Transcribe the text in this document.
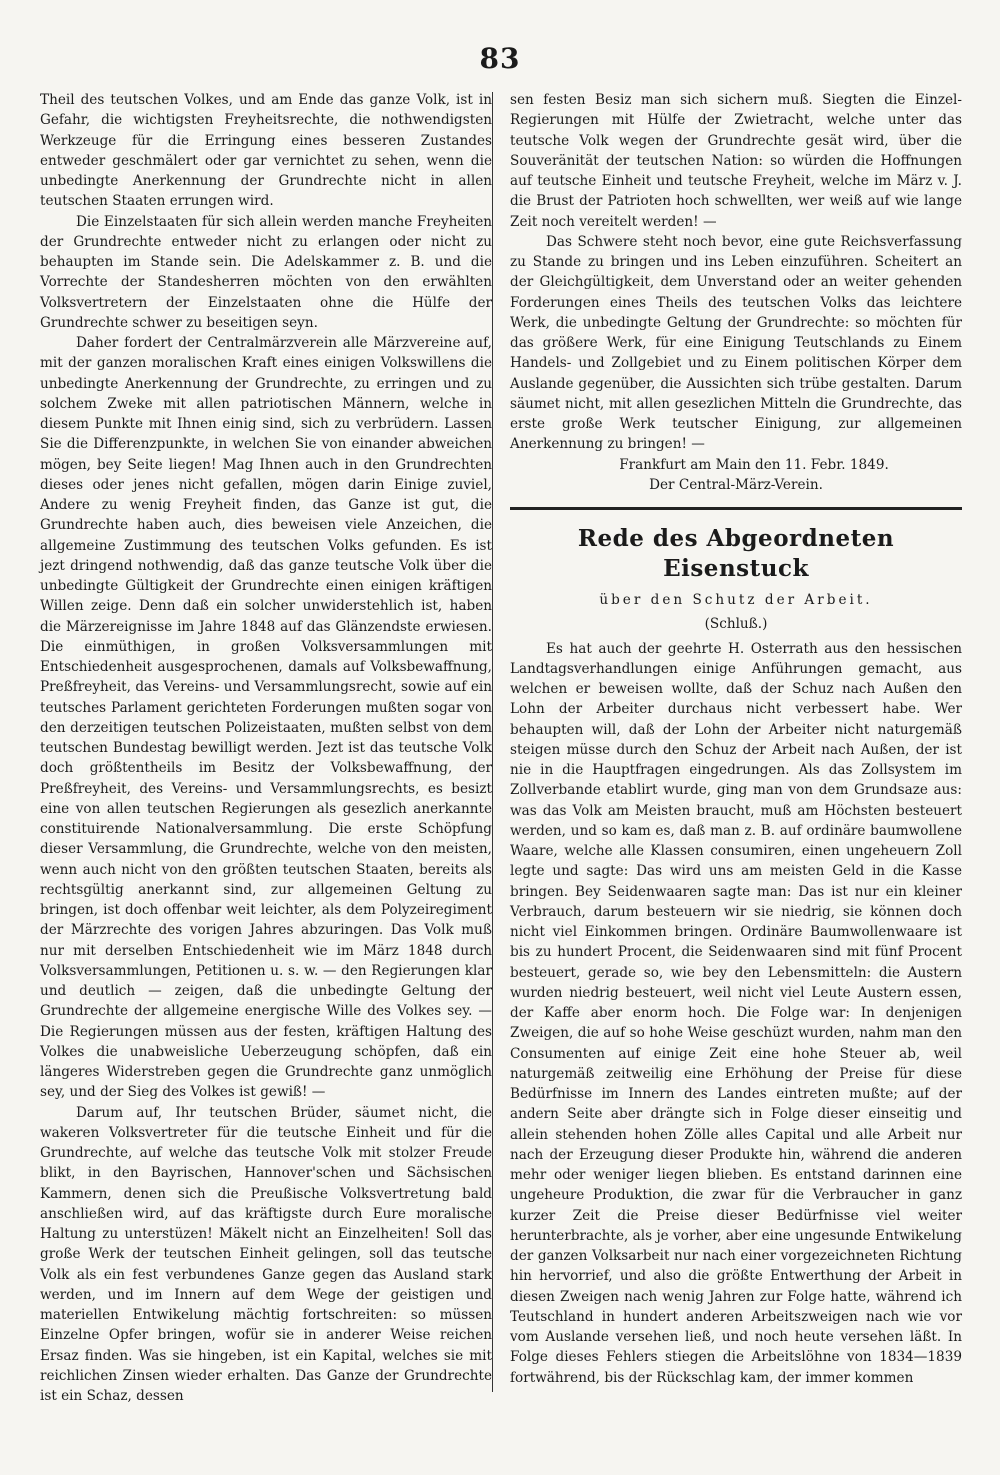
83

Theil des teutschen Volkes, und am Ende das ganze Volk, ist in Gefahr, die wichtigsten Freyheitsrechte, die nothwendigsten Werkzeuge für die Erringung eines besseren Zustandes entweder geschmälert oder gar vernichtet zu sehen, wenn die unbedingte Anerkennung der Grundrechte nicht in allen teutschen Staaten errungen wird.

Die Einzelstaaten für sich allein werden manche Freyheiten der Grundrechte entweder nicht zu erlangen oder nicht zu behaupten im Stande sein. Die Adelskammer z. B. und die Vorrechte der Standesherren möchten von den erwählten Volksvertretern der Einzelstaaten ohne die Hülfe der Grundrechte schwer zu beseitigen seyn.

Daher fordert der Centralmärzverein alle Märzvereine auf, mit der ganzen moralischen Kraft eines einigen Volkswillens die unbedingte Anerkennung der Grundrechte, zu erringen und zu solchem Zweke mit allen patriotischen Männern, welche in diesem Punkte mit Ihnen einig sind, sich zu verbrüdern. Lassen Sie die Differenzpunkte, in welchen Sie von einander abweichen mögen, bey Seite liegen! Mag Ihnen auch in den Grundrechten dieses oder jenes nicht gefallen, mögen darin Einige zuviel, Andere zu wenig Freyheit finden, das Ganze ist gut, die Grundrechte haben auch, dies beweisen viele Anzeichen, die allgemeine Zustimmung des teutschen Volks gefunden. Es ist jezt dringend nothwendig, daß das ganze teutsche Volk über die unbedingte Gültigkeit der Grundrechte einen einigen kräftigen Willen zeige. Denn daß ein solcher unwiderstehlich ist, haben die Märzereignisse im Jahre 1848 auf das Glänzendste erwiesen. Die einmüthigen, in großen Volksversammlungen mit Entschiedenheit ausgesprochenen, damals auf Volksbewaffnung, Preßfreyheit, das Vereins- und Versammlungsrecht, sowie auf ein teutsches Parlament gerichteten Forderungen mußten sogar von den derzeitigen teutschen Polizeistaaten, mußten selbst von dem teutschen Bundestag bewilligt werden. Jezt ist das teutsche Volk doch größtentheils im Besitz der Volksbewaffnung, der Preßfreyheit, des Vereins- und Versammlungsrechts, es besizt eine von allen teutschen Regierungen als gesezlich anerkannte constituirende Nationalversammlung. Die erste Schöpfung dieser Versammlung, die Grundrechte, welche von den meisten, wenn auch nicht von den größten teutschen Staaten, bereits als rechtsgültig anerkannt sind, zur allgemeinen Geltung zu bringen, ist doch offenbar weit leichter, als dem Polyzeiregiment der Märzrechte des vorigen Jahres abzuringen. Das Volk muß nur mit derselben Entschiedenheit wie im März 1848 durch Volksversammlungen, Petitionen u. s. w. — den Regierungen klar und deutlich — zeigen, daß die unbedingte Geltung der Grundrechte der allgemeine energische Wille des Volkes sey. — Die Regierungen müssen aus der festen, kräftigen Haltung des Volkes die unabweisliche Ueberzeugung schöpfen, daß ein längeres Widerstreben gegen die Grundrechte ganz unmöglich sey, und der Sieg des Volkes ist gewiß! —

Darum auf, Ihr teutschen Brüder, säumet nicht, die wakeren Volksvertreter für die teutsche Einheit und für die Grundrechte, auf welche das teutsche Volk mit stolzer Freude blikt, in den Bayrischen, Hannover'schen und Sächsischen Kammern, denen sich die Preußische Volksvertretung bald anschließen wird, auf das kräftigste durch Eure moralische Haltung zu unterstüzen! Mäkelt nicht an Einzelheiten! Soll das große Werk der teutschen Einheit gelingen, soll das teutsche Volk als ein fest verbundenes Ganze gegen das Ausland stark werden, und im Innern auf dem Wege der geistigen und materiellen Entwikelung mächtig fortschreiten: so müssen Einzelne Opfer bringen, wofür sie in anderer Weise reichen Ersaz finden. Was sie hingeben, ist ein Kapital, welches sie mit reichlichen Zinsen wieder erhalten. Das Ganze der Grundrechte ist ein Schaz, dessen

sen festen Besiz man sich sichern muß. Siegten die Einzel-Regierungen mit Hülfe der Zwietracht, welche unter das teutsche Volk wegen der Grundrechte gesät wird, über die Souveränität der teutschen Nation: so würden die Hoffnungen auf teutsche Einheit und teutsche Freyheit, welche im März v. J. die Brust der Patrioten hoch schwellten, wer weiß auf wie lange Zeit noch vereitelt werden! —

Das Schwere steht noch bevor, eine gute Reichsverfassung zu Stande zu bringen und ins Leben einzuführen. Scheitert an der Gleichgültigkeit, dem Unverstand oder an weiter gehenden Forderungen eines Theils des teutschen Volks das leichtere Werk, die unbedingte Geltung der Grundrechte: so möchten für das größere Werk, für eine Einigung Teutschlands zu Einem Handels- und Zollgebiet und zu Einem politischen Körper dem Auslande gegenüber, die Aussichten sich trübe gestalten. Darum säumet nicht, mit allen gesezlichen Mitteln die Grundrechte, das erste große Werk teutscher Einigung, zur allgemeinen Anerkennung zu bringen! —

Frankfurt am Main den 11. Febr. 1849.

Der Central-März-Verein.

Rede des Abgeordneten Eisenstuck
über den Schutz der Arbeit.
(Schluß.)

Es hat auch der geehrte H. Osterrath aus den hessischen Landtagsverhandlungen einige Anführungen gemacht, aus welchen er beweisen wollte, daß der Schuz nach Außen den Lohn der Arbeiter durchaus nicht verbessert habe. Wer behaupten will, daß der Lohn der Arbeiter nicht naturgemäß steigen müsse durch den Schuz der Arbeit nach Außen, der ist nie in die Hauptfragen eingedrungen. Als das Zollsystem im Zollverbande etablirt wurde, ging man von dem Grundsaze aus: was das Volk am Meisten braucht, muß am Höchsten besteuert werden, und so kam es, daß man z. B. auf ordinäre baumwollene Waare, welche alle Klassen consumiren, einen ungeheuern Zoll legte und sagte: Das wird uns am meisten Geld in die Kasse bringen. Bey Seidenwaaren sagte man: Das ist nur ein kleiner Verbrauch, darum besteuern wir sie niedrig, sie können doch nicht viel Einkommen bringen. Ordinäre Baumwollenwaare ist bis zu hundert Procent, die Seidenwaaren sind mit fünf Procent besteuert, gerade so, wie bey den Lebensmitteln: die Austern wurden niedrig besteuert, weil nicht viel Leute Austern essen, der Kaffe aber enorm hoch. Die Folge war: In denjenigen Zweigen, die auf so hohe Weise geschüzt wurden, nahm man den Consumenten auf einige Zeit eine hohe Steuer ab, weil naturgemäß zeitweilig eine Erhöhung der Preise für diese Bedürfnisse im Innern des Landes eintreten mußte; auf der andern Seite aber drängte sich in Folge dieser einseitig und allein stehenden hohen Zölle alles Capital und alle Arbeit nur nach der Erzeugung dieser Produkte hin, während die anderen mehr oder weniger liegen blieben. Es entstand darinnen eine ungeheure Produktion, die zwar für die Verbraucher in ganz kurzer Zeit die Preise dieser Bedürfnisse viel weiter herunterbrachte, als je vorher, aber eine ungesunde Entwikelung der ganzen Volksarbeit nur nach einer vorgezeichneten Richtung hin hervorrief, und also die größte Entwerthung der Arbeit in diesen Zweigen nach wenig Jahren zur Folge hatte, während ich Teutschland in hundert anderen Arbeitszweigen nach wie vor vom Auslande versehen ließ, und noch heute versehen läßt. In Folge dieses Fehlers stiegen die Arbeitslöhne von 1834—1839 fortwährend, bis der Rückschlag kam, der immer kommen
